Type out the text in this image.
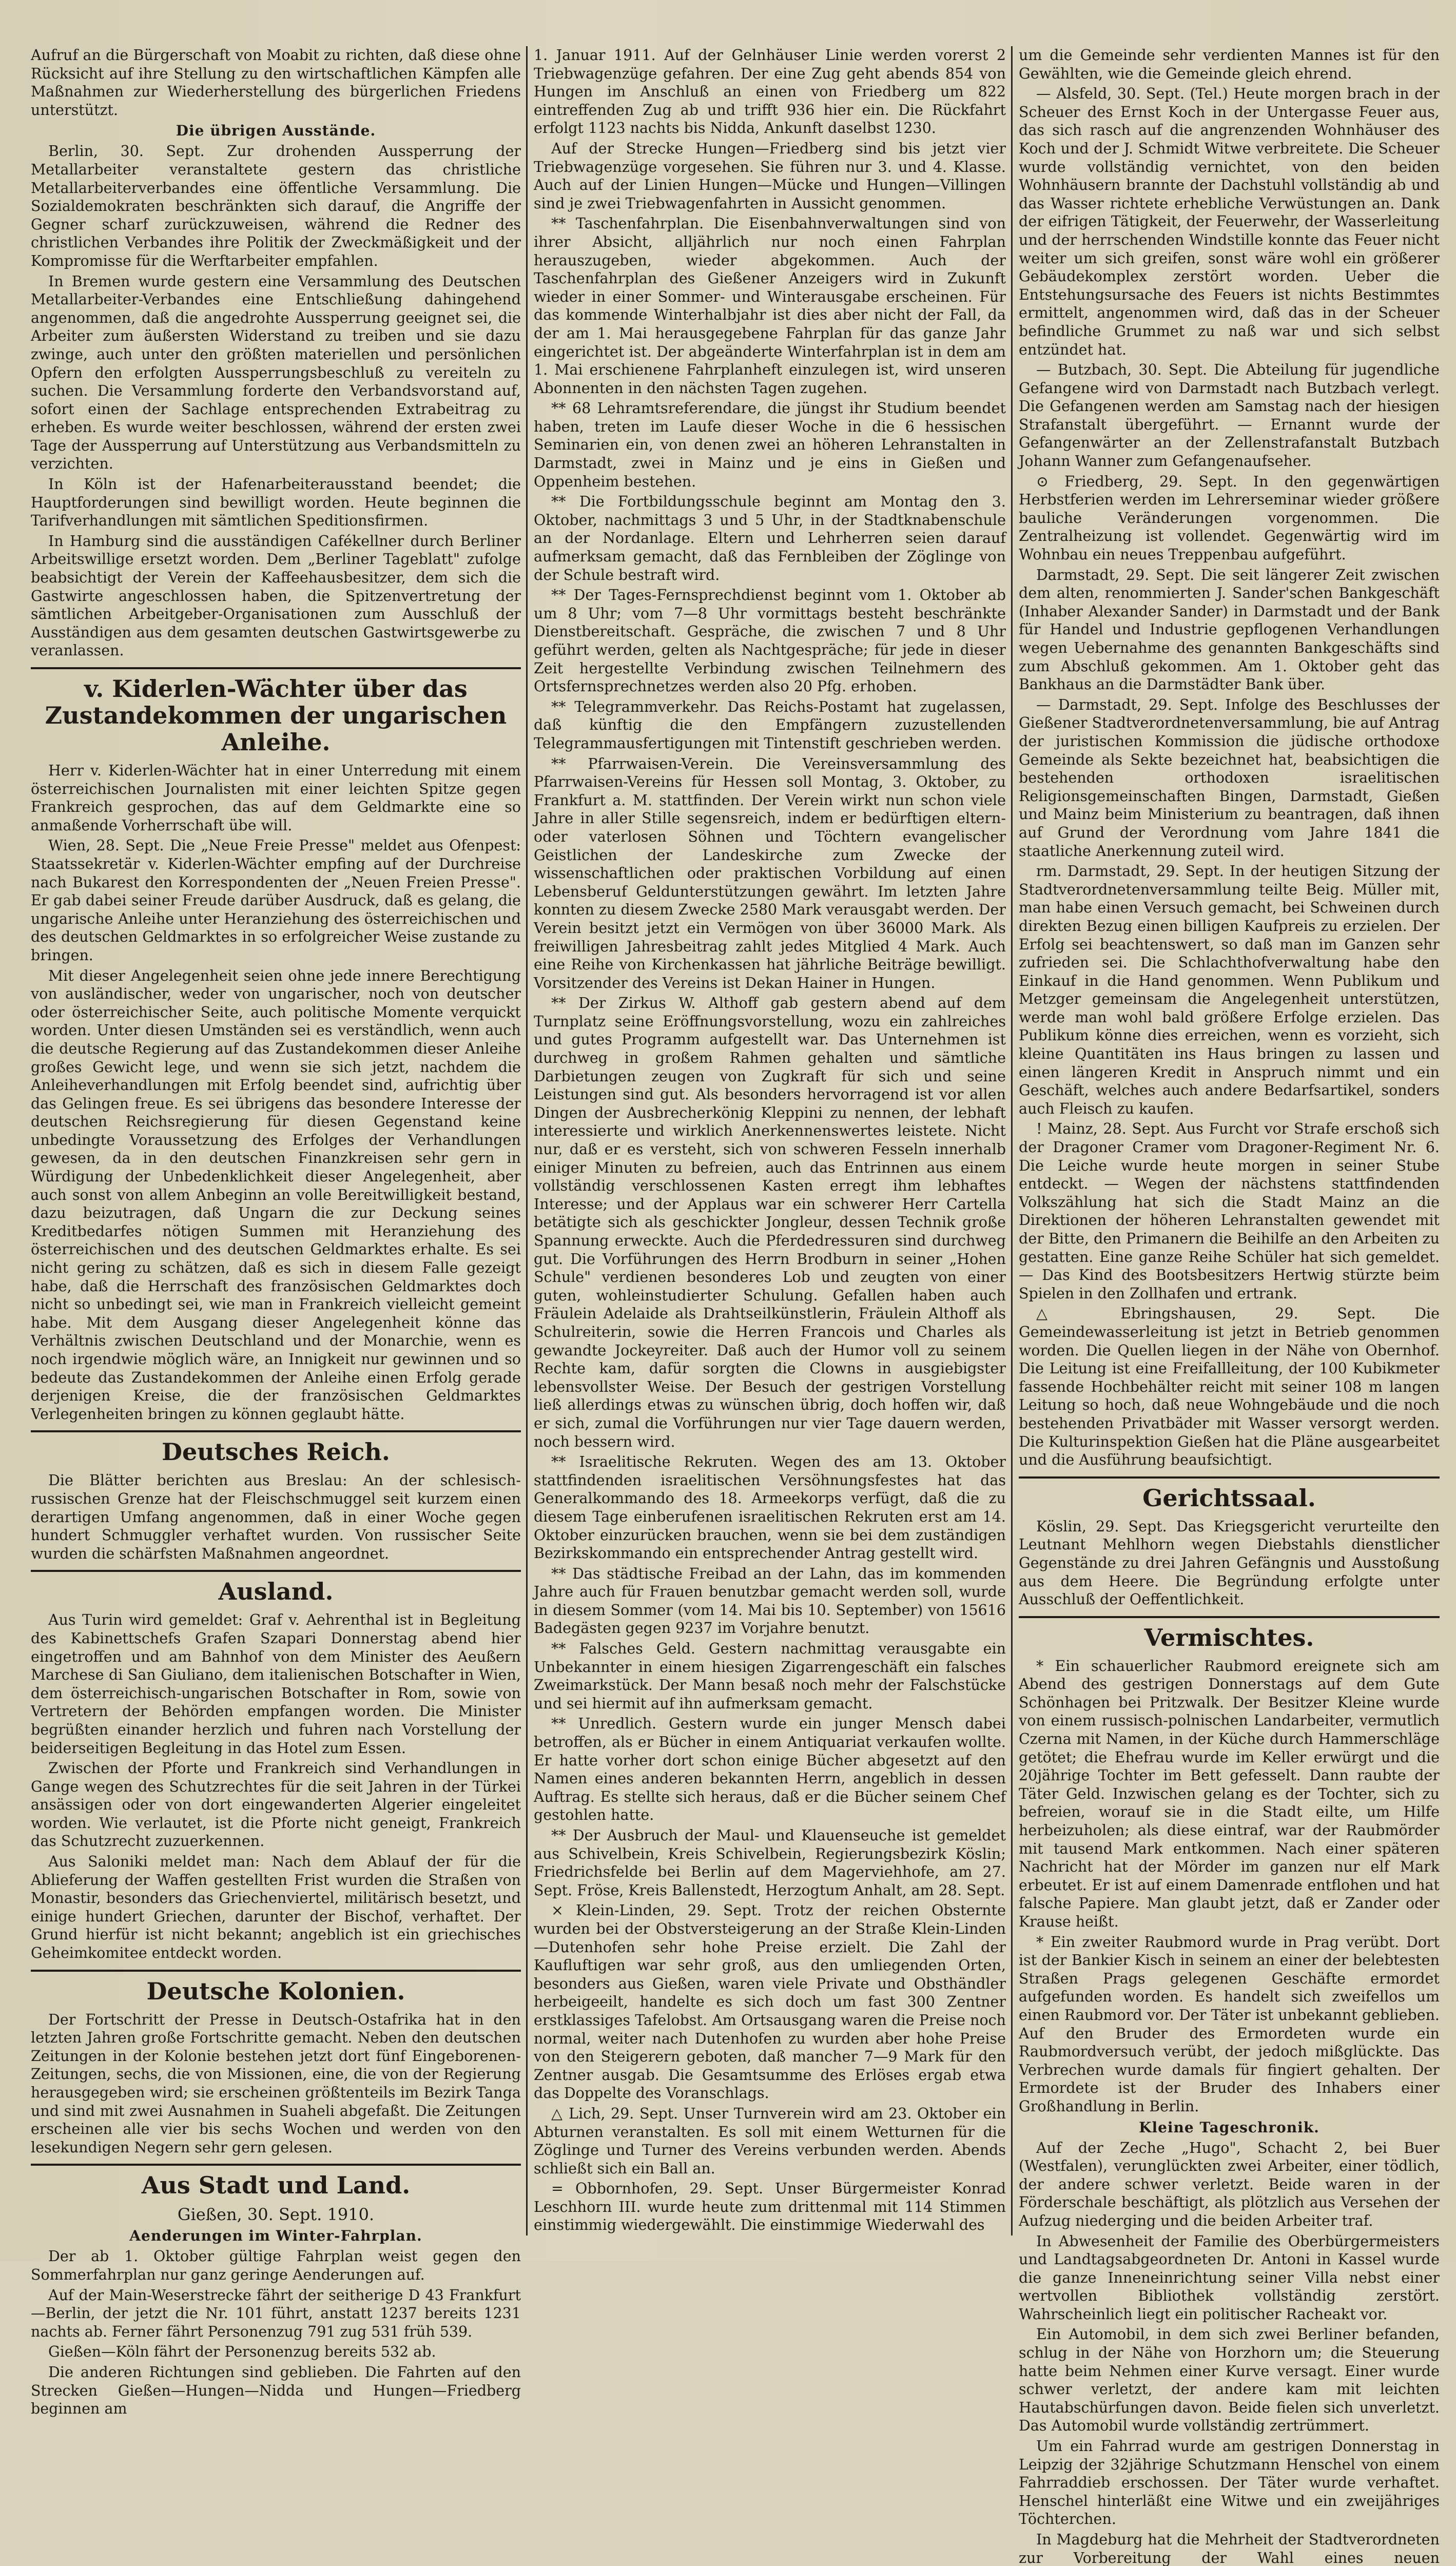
Aufruf an die Bürgerschaft von Moabit zu richten, daß diese ohne Rücksicht auf ihre Stellung zu den wirtschaftlichen Kämpfen alle Maßnahmen zur Wiederherstellung des bürgerlichen Friedens unterstützt.

Die übrigen Ausstände.

Berlin, 30. Sept. Zur drohenden Aussperrung der Metallarbeiter veranstaltete gestern das christliche Metallarbeiterverbandes eine öffentliche Versammlung. Die Sozialdemokraten beschränkten sich darauf, die Angriffe der Gegner scharf zurückzuweisen, während die Redner des christlichen Verbandes ihre Politik der Zweckmäßigkeit und der Kompromisse für die Werftarbeiter empfahlen.

In Bremen wurde gestern eine Versammlung des Deutschen Metallarbeiter-Verbandes eine Entschließung dahingehend angenommen, daß die angedrohte Aussperrung geeignet sei, die Arbeiter zum äußersten Widerstand zu treiben und sie dazu zwinge, auch unter den größten materiellen und persönlichen Opfern den erfolgten Aussperrungsbeschluß zu vereiteln zu suchen. Die Versammlung forderte den Verbandsvorstand auf, sofort einen der Sachlage entsprechenden Extrabeitrag zu erheben. Es wurde weiter beschlossen, während der ersten zwei Tage der Aussperrung auf Unterstützung aus Verbandsmitteln zu verzichten.

In Köln ist der Hafenarbeiterausstand beendet; die Hauptforderungen sind bewilligt worden. Heute beginnen die Tarifverhandlungen mit sämtlichen Speditionsfirmen.

In Hamburg sind die ausständigen Cafékellner durch Berliner Arbeitswillige ersetzt worden. Dem „Berliner Tageblatt" zufolge beabsichtigt der Verein der Kaffeehausbesitzer, dem sich die Gastwirte angeschlossen haben, die Spitzenvertretung der sämtlichen Arbeitgeber-Organisationen zum Ausschluß der Ausständigen aus dem gesamten deutschen Gastwirtsgewerbe zu veranlassen.

v. Kiderlen-Wächter über das Zustandekommen der ungarischen Anleihe.

Herr v. Kiderlen-Wächter hat in einer Unterredung mit einem österreichischen Journalisten mit einer leichten Spitze gegen Frankreich gesprochen, das auf dem Geldmarkte eine so anmaßende Vorherrschaft übe will.

Wien, 28. Sept. Die „Neue Freie Presse" meldet aus Ofenpest: Staatssekretär v. Kiderlen-Wächter empfing auf der Durchreise nach Bukarest den Korrespondenten der „Neuen Freien Presse". Er gab dabei seiner Freude darüber Ausdruck, daß es gelang, die ungarische Anleihe unter Heranziehung des österreichischen und des deutschen Geldmarktes in so erfolgreicher Weise zustande zu bringen.

Mit dieser Angelegenheit seien ohne jede innere Berechtigung von ausländischer, weder von ungarischer, noch von deutscher oder österreichischer Seite, auch politische Momente verquickt worden. Unter diesen Umständen sei es verständlich, wenn auch die deutsche Regierung auf das Zustandekommen dieser Anleihe großes Gewicht lege, und wenn sie sich jetzt, nachdem die Anleiheverhandlungen mit Erfolg beendet sind, aufrichtig über das Gelingen freue. Es sei übrigens das besondere Interesse der deutschen Reichsregierung für diesen Gegenstand keine unbedingte Voraussetzung des Erfolges der Verhandlungen gewesen, da in den deutschen Finanzkreisen sehr gern in Würdigung der Unbedenklichkeit dieser Angelegenheit, aber auch sonst von allem Anbeginn an volle Bereitwilligkeit bestand, dazu beizutragen, daß Ungarn die zur Deckung seines Kreditbedarfes nötigen Summen mit Heranziehung des österreichischen und des deutschen Geldmarktes erhalte. Es sei nicht gering zu schätzen, daß es sich in diesem Falle gezeigt habe, daß die Herrschaft des französischen Geldmarktes doch nicht so unbedingt sei, wie man in Frankreich vielleicht gemeint habe. Mit dem Ausgang dieser Angelegenheit könne das Verhältnis zwischen Deutschland und der Monarchie, wenn es noch irgendwie möglich wäre, an Innigkeit nur gewinnen und so bedeute das Zustandekommen der Anleihe einen Erfolg gerade derjenigen Kreise, die der französischen Geldmarktes Verlegenheiten bringen zu können geglaubt hätte.

Deutsches Reich.

Die Blätter berichten aus Breslau: An der schlesisch-russischen Grenze hat der Fleischschmuggel seit kurzem einen derartigen Umfang angenommen, daß in einer Woche gegen hundert Schmuggler verhaftet wurden. Von russischer Seite wurden die schärfsten Maßnahmen angeordnet.

Ausland.

Aus Turin wird gemeldet: Graf v. Aehrenthal ist in Begleitung des Kabinettschefs Grafen Szapari Donnerstag abend hier eingetroffen und am Bahnhof von dem Minister des Aeußern Marchese di San Giuliano, dem italienischen Botschafter in Wien, dem österreichisch-ungarischen Botschafter in Rom, sowie von Vertretern der Behörden empfangen worden. Die Minister begrüßten einander herzlich und fuhren nach Vorstellung der beiderseitigen Begleitung in das Hotel zum Essen.

Zwischen der Pforte und Frankreich sind Verhandlungen in Gange wegen des Schutzrechtes für die seit Jahren in der Türkei ansässigen oder von dort eingewanderten Algerier eingeleitet worden. Wie verlautet, ist die Pforte nicht geneigt, Frankreich das Schutzrecht zuzuerkennen.

Aus Saloniki meldet man: Nach dem Ablauf der für die Ablieferung der Waffen gestellten Frist wurden die Straßen von Monastir, besonders das Griechenviertel, militärisch besetzt, und einige hundert Griechen, darunter der Bischof, verhaftet. Der Grund hierfür ist nicht bekannt; angeblich ist ein griechisches Geheimkomitee entdeckt worden.

Deutsche Kolonien.

Der Fortschritt der Presse in Deutsch-Ostafrika hat in den letzten Jahren große Fortschritte gemacht. Neben den deutschen Zeitungen in der Kolonie bestehen jetzt dort fünf Eingeborenen-Zeitungen, sechs, die von Missionen, eine, die von der Regierung herausgegeben wird; sie erscheinen größtenteils im Bezirk Tanga und sind mit zwei Ausnahmen in Suaheli abgefaßt. Die Zeitungen erscheinen alle vier bis sechs Wochen und werden von den lesekundigen Negern sehr gern gelesen.

Aus Stadt und Land.
Gießen, 30. Sept. 1910.
Aenderungen im Winter-Fahrplan.

Der ab 1. Oktober gültige Fahrplan weist gegen den Sommerfahrplan nur ganz geringe Aenderungen auf.

Auf der Main-Weserstrecke fährt der seitherige D 43 Frankfurt—Berlin, der jetzt die Nr. 101 führt, anstatt 1237 bereits 1231 nachts ab. Ferner fährt Personenzug 791 zug 531 früh 539.

Gießen—Köln fährt der Personenzug bereits 532 ab.

Die anderen Richtungen sind geblieben. Die Fahrten auf den Strecken Gießen—Hungen—Nidda und Hungen—Friedberg beginnen am

1. Januar 1911. Auf der Gelnhäuser Linie werden vorerst 2 Triebwagenzüge gefahren. Der eine Zug geht abends 854 von Hungen im Anschluß an einen von Friedberg um 822 eintreffenden Zug ab und trifft 936 hier ein. Die Rückfahrt erfolgt 1123 nachts bis Nidda, Ankunft daselbst 1230.

Auf der Strecke Hungen—Friedberg sind bis jetzt vier Triebwagenzüge vorgesehen. Sie führen nur 3. und 4. Klasse. Auch auf der Linien Hungen—Mücke und Hungen—Villingen sind je zwei Triebwagenfahrten in Aussicht genommen.

** Taschenfahrplan. Die Eisenbahnverwaltungen sind von ihrer Absicht, alljährlich nur noch einen Fahrplan herauszugeben, wieder abgekommen. Auch der Taschenfahrplan des Gießener Anzeigers wird in Zukunft wieder in einer Sommer- und Winterausgabe erscheinen. Für das kommende Winterhalbjahr ist dies aber nicht der Fall, da der am 1. Mai herausgegebene Fahrplan für das ganze Jahr eingerichtet ist. Der abgeänderte Winterfahrplan ist in dem am 1. Mai erschienene Fahrplanheft einzulegen ist, wird unseren Abonnenten in den nächsten Tagen zugehen.

** 68 Lehramtsreferendare, die jüngst ihr Studium beendet haben, treten im Laufe dieser Woche in die 6 hessischen Seminarien ein, von denen zwei an höheren Lehranstalten in Darmstadt, zwei in Mainz und je eins in Gießen und Oppenheim bestehen.

** Die Fortbildungsschule beginnt am Montag den 3. Oktober, nachmittags 3 und 5 Uhr, in der Stadtknabenschule an der Nordanlage. Eltern und Lehrherren seien darauf aufmerksam gemacht, daß das Fernbleiben der Zöglinge von der Schule bestraft wird.

** Der Tages-Fernsprechdienst beginnt vom 1. Oktober ab um 8 Uhr; vom 7—8 Uhr vormittags besteht beschränkte Dienstbereitschaft. Gespräche, die zwischen 7 und 8 Uhr geführt werden, gelten als Nachtgespräche; für jede in dieser Zeit hergestellte Verbindung zwischen Teilnehmern des Ortsfernsprechnetzes werden also 20 Pfg. erhoben.

** Telegrammverkehr. Das Reichs-Postamt hat zugelassen, daß künftig die den Empfängern zuzustellenden Telegrammausfertigungen mit Tintenstift geschrieben werden.

** Pfarrwaisen-Verein. Die Vereinsversammlung des Pfarrwaisen-Vereins für Hessen soll Montag, 3. Oktober, zu Frankfurt a. M. stattfinden. Der Verein wirkt nun schon viele Jahre in aller Stille segensreich, indem er bedürftigen eltern- oder vaterlosen Söhnen und Töchtern evangelischer Geistlichen der Landeskirche zum Zwecke der wissenschaftlichen oder praktischen Vorbildung auf einen Lebensberuf Geldunterstützungen gewährt. Im letzten Jahre konnten zu diesem Zwecke 2580 Mark verausgabt werden. Der Verein besitzt jetzt ein Vermögen von über 36000 Mark. Als freiwilligen Jahresbeitrag zahlt jedes Mitglied 4 Mark. Auch eine Reihe von Kirchenkassen hat jährliche Beiträge bewilligt. Vorsitzender des Vereins ist Dekan Hainer in Hungen.

** Der Zirkus W. Althoff gab gestern abend auf dem Turnplatz seine Eröffnungsvorstellung, wozu ein zahlreiches und gutes Programm aufgestellt war. Das Unternehmen ist durchweg in großem Rahmen gehalten und sämtliche Darbietungen zeugen von Zugkraft für sich und seine Leistungen sind gut. Als besonders hervorragend ist vor allen Dingen der Ausbrecherkönig Kleppini zu nennen, der lebhaft interessierte und wirklich Anerkennenswertes leistete. Nicht nur, daß er es versteht, sich von schweren Fesseln innerhalb einiger Minuten zu befreien, auch das Entrinnen aus einem vollständig verschlossenen Kasten erregt ihm lebhaftes Interesse; und der Applaus war ein schwerer Herr Cartella betätigte sich als geschickter Jongleur, dessen Technik große Spannung erweckte. Auch die Pferdedressuren sind durchweg gut. Die Vorführungen des Herrn Brodburn in seiner „Hohen Schule" verdienen besonderes Lob und zeugten von einer guten, wohleinstudierter Schulung. Gefallen haben auch Fräulein Adelaide als Drahtseilkünstlerin, Fräulein Althoff als Schulreiterin, sowie die Herren Francois und Charles als gewandte Jockeyreiter. Daß auch der Humor voll zu seinem Rechte kam, dafür sorgten die Clowns in ausgiebigster lebensvollster Weise. Der Besuch der gestrigen Vorstellung ließ allerdings etwas zu wünschen übrig, doch hoffen wir, daß er sich, zumal die Vorführungen nur vier Tage dauern werden, noch bessern wird.

** Israelitische Rekruten. Wegen des am 13. Oktober stattfindenden israelitischen Versöhnungsfestes hat das Generalkommando des 18. Armeekorps verfügt, daß die zu diesem Tage einberufenen israelitischen Rekruten erst am 14. Oktober einzurücken brauchen, wenn sie bei dem zuständigen Bezirkskommando ein entsprechender Antrag gestellt wird.

** Das städtische Freibad an der Lahn, das im kommenden Jahre auch für Frauen benutzbar gemacht werden soll, wurde in diesem Sommer (vom 14. Mai bis 10. September) von 15616 Badegästen gegen 9237 im Vorjahre benutzt.

** Falsches Geld. Gestern nachmittag verausgabte ein Unbekannter in einem hiesigen Zigarrengeschäft ein falsches Zweimarkstück. Der Mann besaß noch mehr der Falschstücke und sei hiermit auf ihn aufmerksam gemacht.

** Unredlich. Gestern wurde ein junger Mensch dabei betroffen, als er Bücher in einem Antiquariat verkaufen wollte. Er hatte vorher dort schon einige Bücher abgesetzt auf den Namen eines anderen bekannten Herrn, angeblich in dessen Auftrag. Es stellte sich heraus, daß er die Bücher seinem Chef gestohlen hatte.

** Der Ausbruch der Maul- und Klauenseuche ist gemeldet aus Schivelbein, Kreis Schivelbein, Regierungsbezirk Köslin; Friedrichsfelde bei Berlin auf dem Magerviehhofe, am 27. Sept. Fröse, Kreis Ballenstedt, Herzogtum Anhalt, am 28. Sept.

× Klein-Linden, 29. Sept. Trotz der reichen Obsternte wurden bei der Obstversteigerung an der Straße Klein-Linden—Dutenhofen sehr hohe Preise erzielt. Die Zahl der Kaufluftigen war sehr groß, aus den umliegenden Orten, besonders aus Gießen, waren viele Private und Obsthändler herbeigeeilt, handelte es sich doch um fast 300 Zentner erstklassiges Tafelobst. Am Ortsausgang waren die Preise noch normal, weiter nach Dutenhofen zu wurden aber hohe Preise von den Steigerern geboten, daß mancher 7—9 Mark für den Zentner ausgab. Die Gesamtsumme des Erlöses ergab etwa das Doppelte des Voranschlags.

△ Lich, 29. Sept. Unser Turnverein wird am 23. Oktober ein Abturnen veranstalten. Es soll mit einem Wetturnen für die Zöglinge und Turner des Vereins verbunden werden. Abends schließt sich ein Ball an.

= Obbornhofen, 29. Sept. Unser Bürgermeister Konrad Leschhorn III. wurde heute zum drittenmal mit 114 Stimmen einstimmig wiedergewählt. Die einstimmige Wiederwahl des

um die Gemeinde sehr verdienten Mannes ist für den Gewählten, wie die Gemeinde gleich ehrend.

— Alsfeld, 30. Sept. (Tel.) Heute morgen brach in der Scheuer des Ernst Koch in der Untergasse Feuer aus, das sich rasch auf die angrenzenden Wohnhäuser des Koch und der J. Schmidt Witwe verbreitete. Die Scheuer wurde vollständig vernichtet, von den beiden Wohnhäusern brannte der Dachstuhl vollständig ab und das Wasser richtete erhebliche Verwüstungen an. Dank der eifrigen Tätigkeit, der Feuerwehr, der Wasserleitung und der herrschenden Windstille konnte das Feuer nicht weiter um sich greifen, sonst wäre wohl ein größerer Gebäudekomplex zerstört worden. Ueber die Entstehungsursache des Feuers ist nichts Bestimmtes ermittelt, angenommen wird, daß das in der Scheuer befindliche Grummet zu naß war und sich selbst entzündet hat.

— Butzbach, 30. Sept. Die Abteilung für jugendliche Gefangene wird von Darmstadt nach Butzbach verlegt. Die Gefangenen werden am Samstag nach der hiesigen Strafanstalt übergeführt. — Ernannt wurde der Gefangenwärter an der Zellenstrafanstalt Butzbach Johann Wanner zum Gefangenaufseher.

⊙ Friedberg, 29. Sept. In den gegenwärtigen Herbstferien werden im Lehrerseminar wieder größere bauliche Veränderungen vorgenommen. Die Zentralheizung ist vollendet. Gegenwärtig wird im Wohnbau ein neues Treppenbau aufgeführt.

Darmstadt, 29. Sept. Die seit längerer Zeit zwischen dem alten, renommierten J. Sander'schen Bankgeschäft (Inhaber Alexander Sander) in Darmstadt und der Bank für Handel und Industrie gepflogenen Verhandlungen wegen Uebernahme des genannten Bankgeschäfts sind zum Abschluß gekommen. Am 1. Oktober geht das Bankhaus an die Darmstädter Bank über.

— Darmstadt, 29. Sept. Infolge des Beschlusses der Gießener Stadtverordnetenversammlung, bie auf Antrag der juristischen Kommission die jüdische orthodoxe Gemeinde als Sekte bezeichnet hat, beabsichtigen die bestehenden orthodoxen israelitischen Religionsgemeinschaften Bingen, Darmstadt, Gießen und Mainz beim Ministerium zu beantragen, daß ihnen auf Grund der Verordnung vom Jahre 1841 die staatliche Anerkennung zuteil wird.

rm. Darmstadt, 29. Sept. In der heutigen Sitzung der Stadtverordnetenversammlung teilte Beig. Müller mit, man habe einen Versuch gemacht, bei Schweinen durch direkten Bezug einen billigen Kaufpreis zu erzielen. Der Erfolg sei beachtenswert, so daß man im Ganzen sehr zufrieden sei. Die Schlachthofverwaltung habe den Einkauf in die Hand genommen. Wenn Publikum und Metzger gemeinsam die Angelegenheit unterstützen, werde man wohl bald größere Erfolge erzielen. Das Publikum könne dies erreichen, wenn es vorzieht, sich kleine Quantitäten ins Haus bringen zu lassen und einen längeren Kredit in Anspruch nimmt und ein Geschäft, welches auch andere Bedarfsartikel, sonders auch Fleisch zu kaufen.

! Mainz, 28. Sept. Aus Furcht vor Strafe erschoß sich der Dragoner Cramer vom Dragoner-Regiment Nr. 6. Die Leiche wurde heute morgen in seiner Stube entdeckt. — Wegen der nächstens stattfindenden Volkszählung hat sich die Stadt Mainz an die Direktionen der höheren Lehranstalten gewendet mit der Bitte, den Primanern die Beihilfe an den Arbeiten zu gestatten. Eine ganze Reihe Schüler hat sich gemeldet. — Das Kind des Bootsbesitzers Hertwig stürzte beim Spielen in den Zollhafen und ertrank.

△ Ebringshausen, 29. Sept. Die Gemeindewasserleitung ist jetzt in Betrieb genommen worden. Die Quellen liegen in der Nähe von Obernhof. Die Leitung ist eine Freifallleitung, der 100 Kubikmeter fassende Hochbehälter reicht mit seiner 108 m langen Leitung so hoch, daß neue Wohngebäude und die noch bestehenden Privatbäder mit Wasser versorgt werden. Die Kulturinspektion Gießen hat die Pläne ausgearbeitet und die Ausführung beaufsichtigt.

Gerichtssaal.

Köslin, 29. Sept. Das Kriegsgericht verurteilte den Leutnant Mehlhorn wegen Diebstahls dienstlicher Gegenstände zu drei Jahren Gefängnis und Ausstoßung aus dem Heere. Die Begründung erfolgte unter Ausschluß der Oeffentlichkeit.

Vermischtes.

* Ein schauerlicher Raubmord ereignete sich am Abend des gestrigen Donnerstags auf dem Gute Schönhagen bei Pritzwalk. Der Besitzer Kleine wurde von einem russisch-polnischen Landarbeiter, vermutlich Czerna mit Namen, in der Küche durch Hammerschläge getötet; die Ehefrau wurde im Keller erwürgt und die 20jährige Tochter im Bett gefesselt. Dann raubte der Täter Geld. Inzwischen gelang es der Tochter, sich zu befreien, worauf sie in die Stadt eilte, um Hilfe herbeizuholen; als diese eintraf, war der Raubmörder mit tausend Mark entkommen. Nach einer späteren Nachricht hat der Mörder im ganzen nur elf Mark erbeutet. Er ist auf einem Damenrade entflohen und hat falsche Papiere. Man glaubt jetzt, daß er Zander oder Krause heißt.

* Ein zweiter Raubmord wurde in Prag verübt. Dort ist der Bankier Kisch in seinem an einer der belebtesten Straßen Prags gelegenen Geschäfte ermordet aufgefunden worden. Es handelt sich zweifellos um einen Raubmord vor. Der Täter ist unbekannt geblieben. Auf den Bruder des Ermordeten wurde ein Raubmordversuch verübt, der jedoch mißglückte. Das Verbrechen wurde damals für fingiert gehalten. Der Ermordete ist der Bruder des Inhabers einer Großhandlung in Berlin.

Kleine Tageschronik.

Auf der Zeche „Hugo", Schacht 2, bei Buer (Westfalen), verunglückten zwei Arbeiter, einer tödlich, der andere schwer verletzt. Beide waren in der Förderschale beschäftigt, als plötzlich aus Versehen der Aufzug niederging und die beiden Arbeiter traf.

In Abwesenheit der Familie des Oberbürgermeisters und Landtagsabgeordneten Dr. Antoni in Kassel wurde die ganze Inneneinrichtung seiner Villa nebst einer wertvollen Bibliothek vollständig zerstört. Wahrscheinlich liegt ein politischer Racheakt vor.

Ein Automobil, in dem sich zwei Berliner befanden, schlug in der Nähe von Horzhorn um; die Steuerung hatte beim Nehmen einer Kurve versagt. Einer wurde schwer verletzt, der andere kam mit leichten Hautabschürfungen davon. Beide fielen sich unverletzt. Das Automobil wurde vollständig zertrümmert.

Um ein Fahrrad wurde am gestrigen Donnerstag in Leipzig der 32jährige Schutzmann Henschel von einem Fahrraddieb erschossen. Der Täter wurde verhaftet. Henschel hinterläßt eine Witwe und ein zweijähriges Töchterchen.

In Magdeburg hat die Mehrheit der Stadtverordneten zur Vorbereitung der Wahl eines neuen
